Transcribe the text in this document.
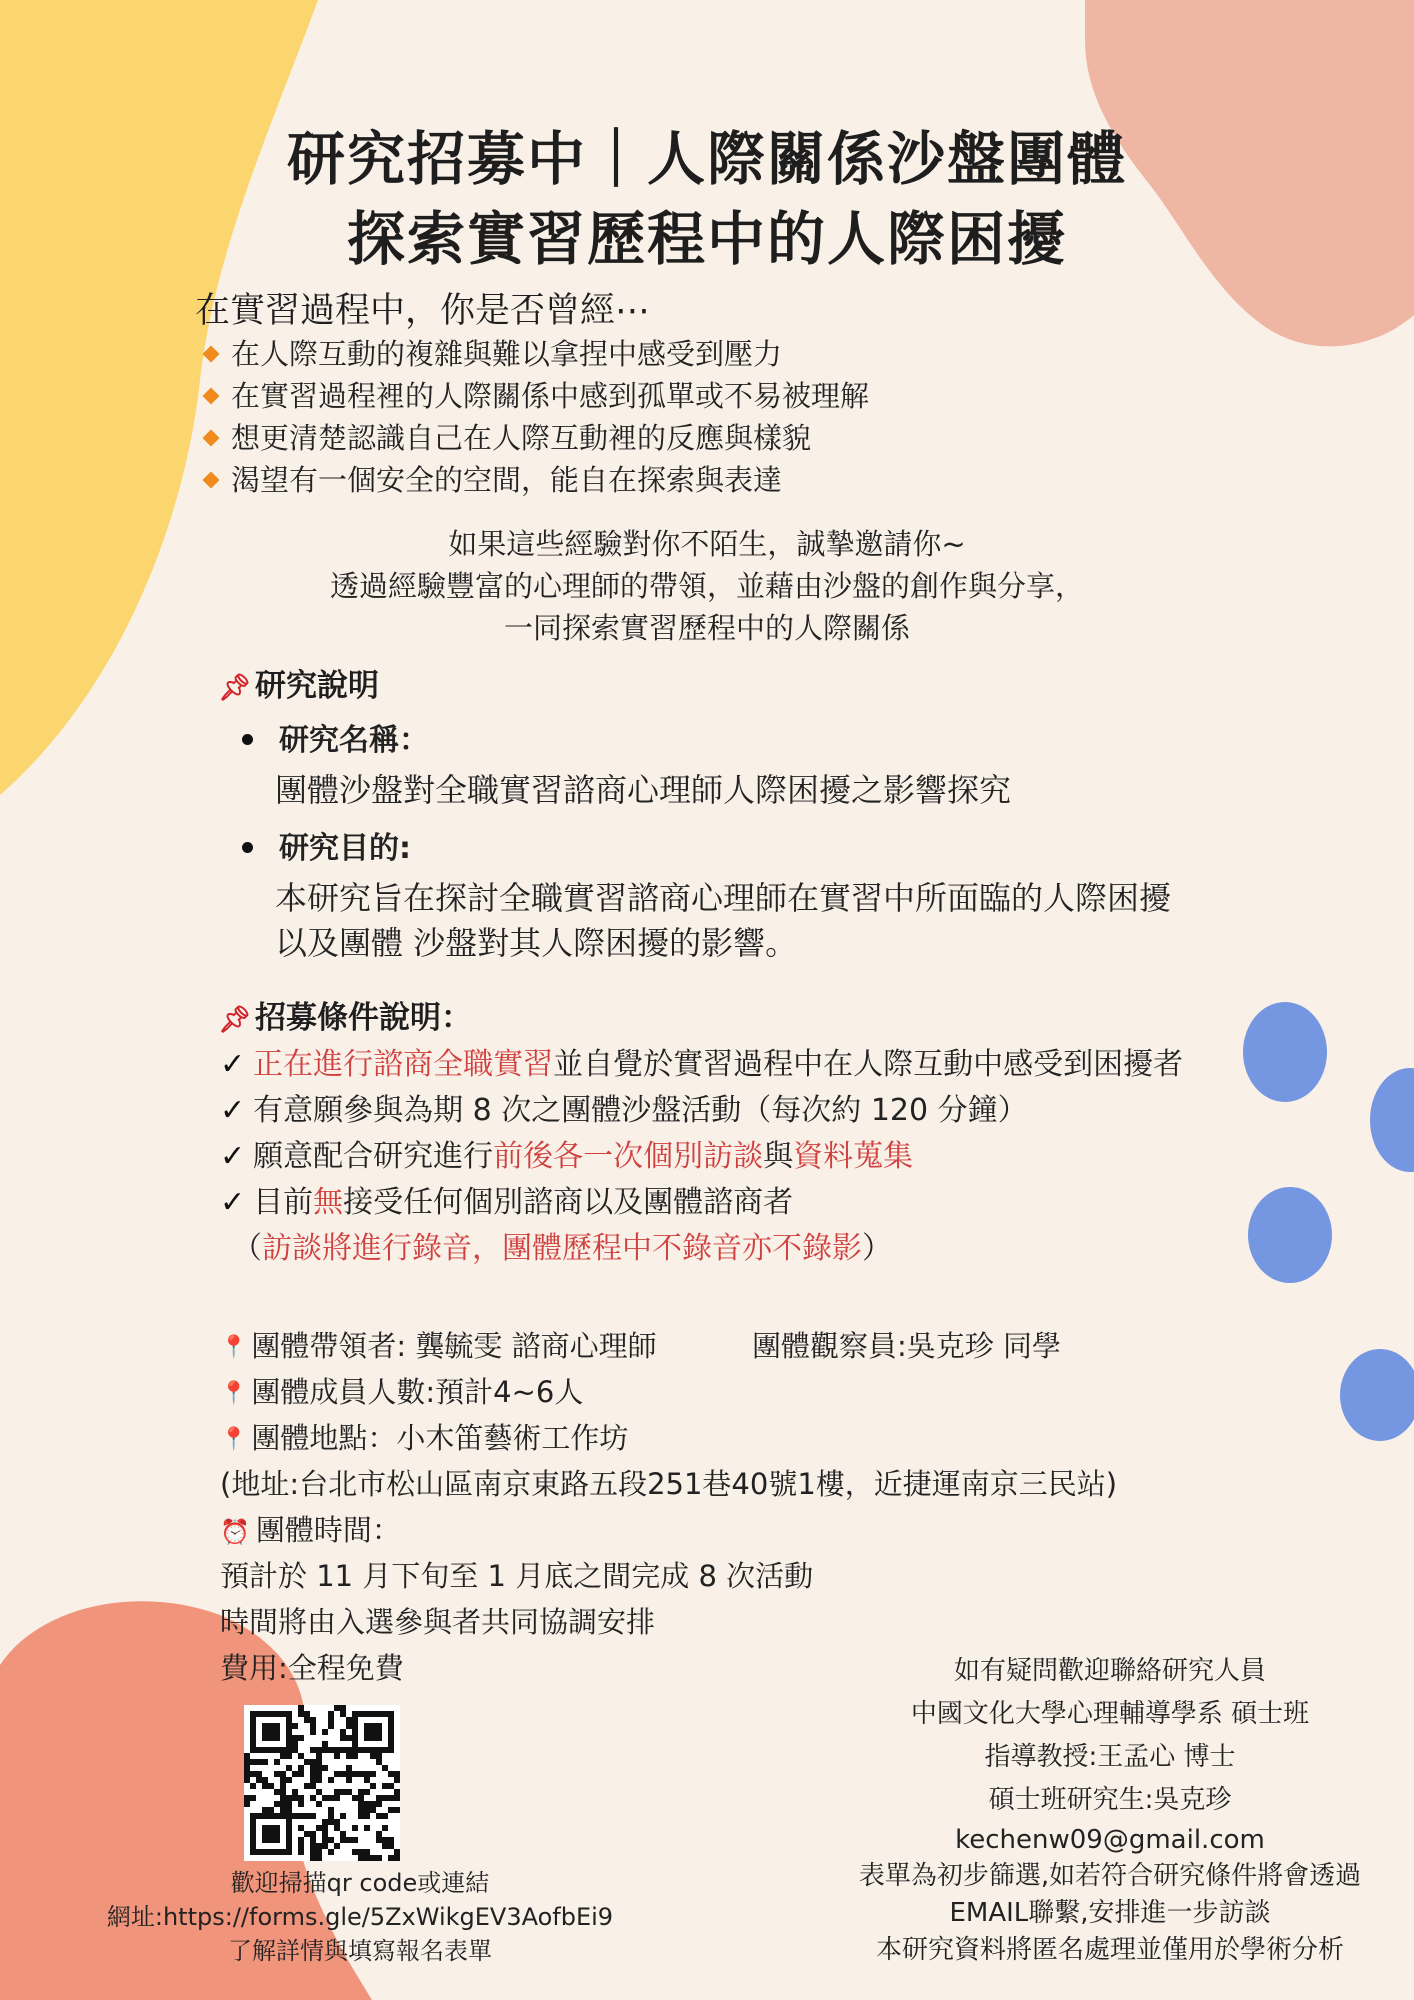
研究招募中｜人際關係沙盤團體
探索實習歷程中的人際困擾
在實習過程中，你是否曾經⋯
在人際互動的複雜與難以拿捏中感受到壓力
在實習過程裡的人際關係中感到孤單或不易被理解
想更清楚認識自己在人際互動裡的反應與樣貌
渴望有一個安全的空間，能自在探索與表達
如果這些經驗對你不陌生，誠摯邀請你~
透過經驗豐富的心理師的帶領，並藉由沙盤的創作與分享，
一同探索實習歷程中的人際關係
📌︎ 研究說明
研究名稱：
團體沙盤對全職實習諮商心理師人際困擾之影響探究
研究目的:
本研究旨在探討全職實習諮商心理師在實習中所面臨的人際困擾
以及團體 沙盤對其人際困擾的影響。
📌︎ 招募條件說明：
✓ 正在進行諮商全職實習並自覺於實習過程中在人際互動中感受到困擾者
✓ 有意願參與為期 8 次之團體沙盤活動（每次約 120 分鐘）
✓ 願意配合研究進行前後各一次個別訪談與資料蒐集
✓ 目前無接受任何個別諮商以及團體諮商者
（訪談將進行錄音，團體歷程中不錄音亦不錄影）
📍 團體帶領者: 龔毓雯 諮商心理師	團體觀察員:吳克珍 同學
📍 團體成員人數:預計4~6人
📍 團體地點：小木笛藝術工作坊
(地址:台北市松山區南京東路五段251巷40號1樓，近捷運南京三民站)
⏰ 團體時間：
預計於 11 月下旬至 1 月底之間完成 8 次活動
時間將由入選參與者共同協調安排
費用:全程免費
歡迎掃描qr code或連結
網址:https://forms.gle/5ZxWikgEV3AofbEi9
了解詳情與填寫報名表單
如有疑問歡迎聯絡研究人員
中國文化大學心理輔導學系 碩士班
指導教授:王孟心 博士
碩士班研究生:吳克珍
kechenw09@gmail.com
表單為初步篩選,如若符合研究條件將會透過
EMAIL聯繫,安排進一步訪談
本研究資料將匿名處理並僅用於學術分析
